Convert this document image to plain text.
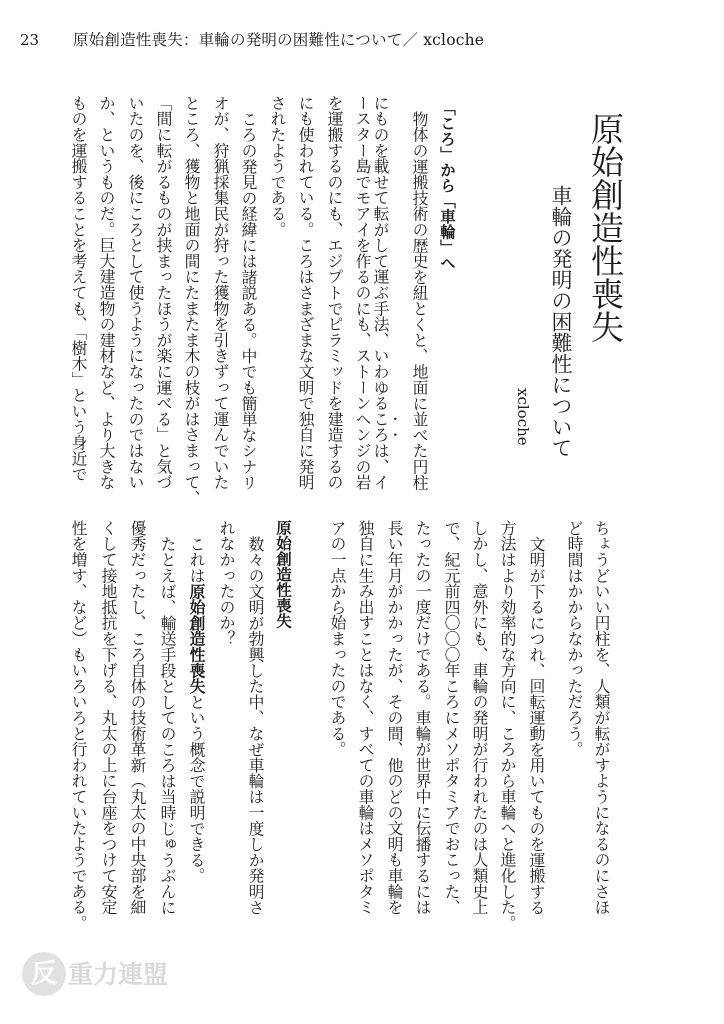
23 原始創造性喪失：車輪の発明の困難性について／ xcloche
原始創造性喪失
車輪の発明の困難性について
xcloche
「ころ」から「車輪」へ
物体の運搬技術の歴史を紐とくと、地面に並べた円柱
にものを載せて転がして運ぶ手法、いわゆるころは、イ
ースター島でモアイを作るのにも、ストーンヘンジの岩
を運搬するのにも、エジプトでピラミッドを建造するの
にも使われている。ころはさまざまな文明で独自に発明
されたようである。
ころの発見の経緯には諸説ある。中でも簡単なシナリ
オが、狩猟採集民が狩った獲物を引きずって運んでいた
ところ、獲物と地面の間にたまたま木の枝がはさまって、
「間に転がるものが挟まったほうが楽に運べる」と気づ
いたのを、後にころとして使うようになったのではない
か、というものだ。巨大建造物の建材など、より大きな
ものを運搬することを考えても、「樹木」という身近で
ちょうどいい円柱を、人類が転がすようになるのにさほ
ど時間はかからなかっただろう。
文明が下るにつれ、回転運動を用いてものを運搬する
方法はより効率的な方向に、ころから車輪へと進化した。
しかし、意外にも、車輪の発明が行われたのは人類史上
で、紀元前四〇〇〇年ころにメソポタミアでおこった、
たったの一度だけである。車輪が世界中に伝播するには
長い年月がかかったが、その間、他のどの文明も車輪を
独自に生み出すことはなく、すべての車輪はメソポタミ
アの一点から始まったのである。
原始創造性喪失
数々の文明が勃興した中、なぜ車輪は一度しか発明さ
れなかったのか？
これは原始創造性喪失という概念で説明できる。
たとえば、輸送手段としてのころは当時じゅうぶんに
優秀だったし、ころ自体の技術革新（丸太の中央部を細
くして接地抵抗を下げる、丸太の上に台座をつけて安定
性を増す、など）もいろいろと行われていたようである。
反 重力連盟
